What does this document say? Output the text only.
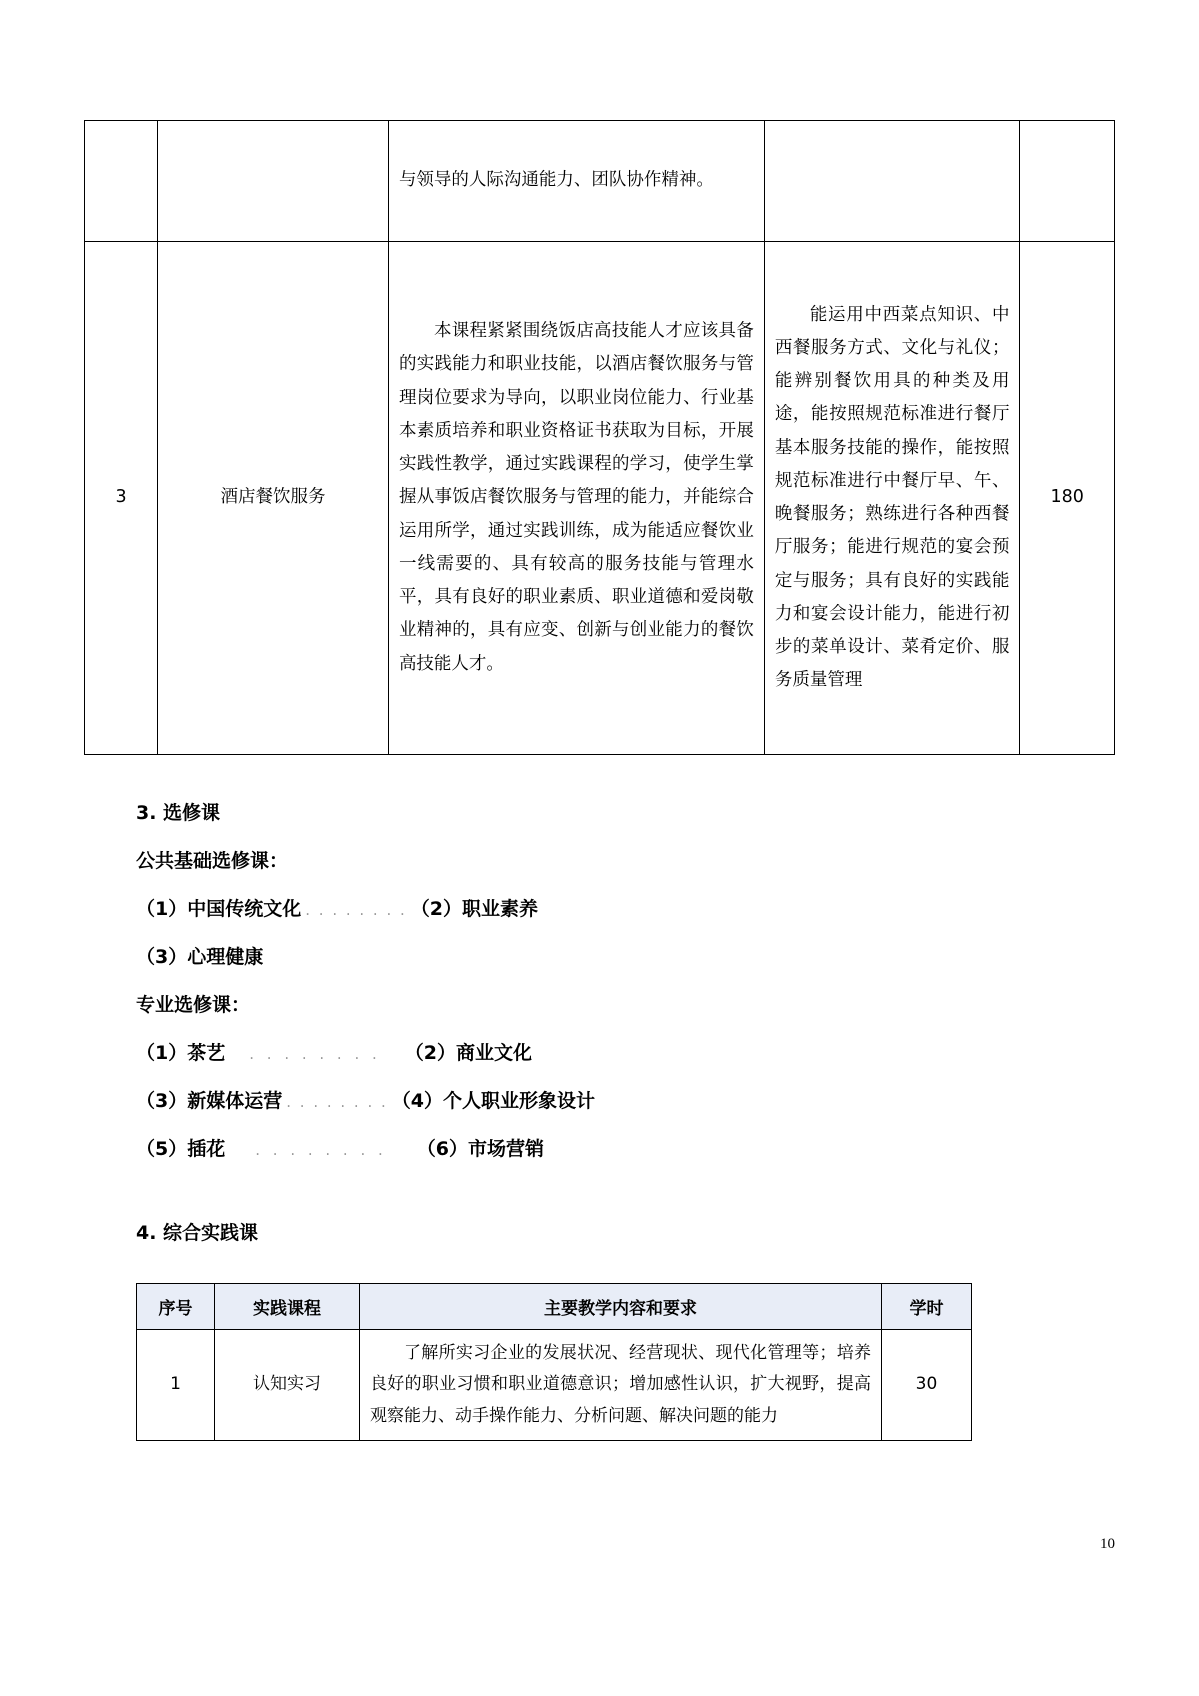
		与领导的人际沟通能力、团队协作精神。		
3	酒店餐饮服务	本课程紧紧围绕饭店高技能人才应该具备的实践能力和职业技能，以酒店餐饮服务与管理岗位要求为导向，以职业岗位能力、行业基本素质培养和职业资格证书获取为目标，开展实践性教学，通过实践课程的学习，使学生掌握从事饭店餐饮服务与管理的能力，并能综合运用所学，通过实践训练，成为能适应餐饮业一线需要的、具有较高的服务技能与管理水平，具有良好的职业素质、职业道德和爱岗敬业精神的，具有应变、创新与创业能力的餐饮高技能人才。	能运用中西菜点知识、中西餐服务方式、文化与礼仪；能辨别餐饮用具的种类及用途，能按照规范标准进行餐厅基本服务技能的操作，能按照规范标准进行中餐厅早、午、晚餐服务；熟练进行各种西餐厅服务；能进行规范的宴会预定与服务；具有良好的实践能力和宴会设计能力，能进行初步的菜单设计、菜肴定价、服务质量管理	180
3. 选修课
公共基础选修课：
（1）中国传统文化 . . . . . . . . （2）职业素养
（3）心理健康
专业选修课：
（1）茶艺 . . . . . . . . （2）商业文化
（3）新媒体运营 . . . . . . . . （4）个人职业形象设计
（5）插花 . . . . . . . . （6）市场营销
4. 综合实践课
序号	实践课程	主要教学内容和要求	学时
1	认知实习	了解所实习企业的发展状况、经营现状、现代化管理等；培养良好的职业习惯和职业道德意识；增加感性认识，扩大视野，提高观察能力、动手操作能力、分析问题、解决问题的能力	30
10
